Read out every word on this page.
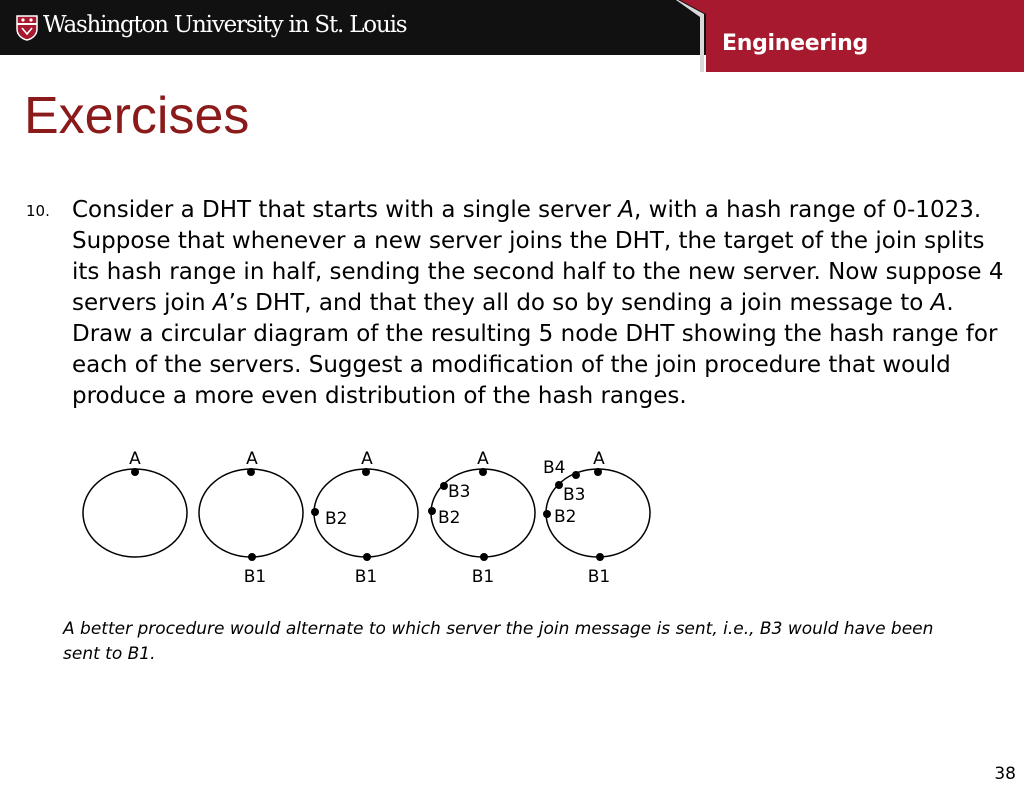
Washington University in St. Louis
Engineering
Exercises
10. Consider a DHT that starts with a single server A, with a hash range of 0-1023. Suppose that whenever a new server joins the DHT, the target of the join splits its hash range in half, sending the second half to the new server. Now suppose 4 servers join A’s DHT, and that they all do so by sending a join message to A. Draw a circular diagram of the resulting 5 node DHT showing the hash range for each of the servers. Suggest a modification of the join procedure that would produce a more even distribution of the hash ranges.

A	A
B1
A
B2
B1
A
B3
B2
B1
A
B4
B3
B2
B1

A better procedure would alternate to which server the join message is sent, i.e., B3 would have been sent to B1.

38
